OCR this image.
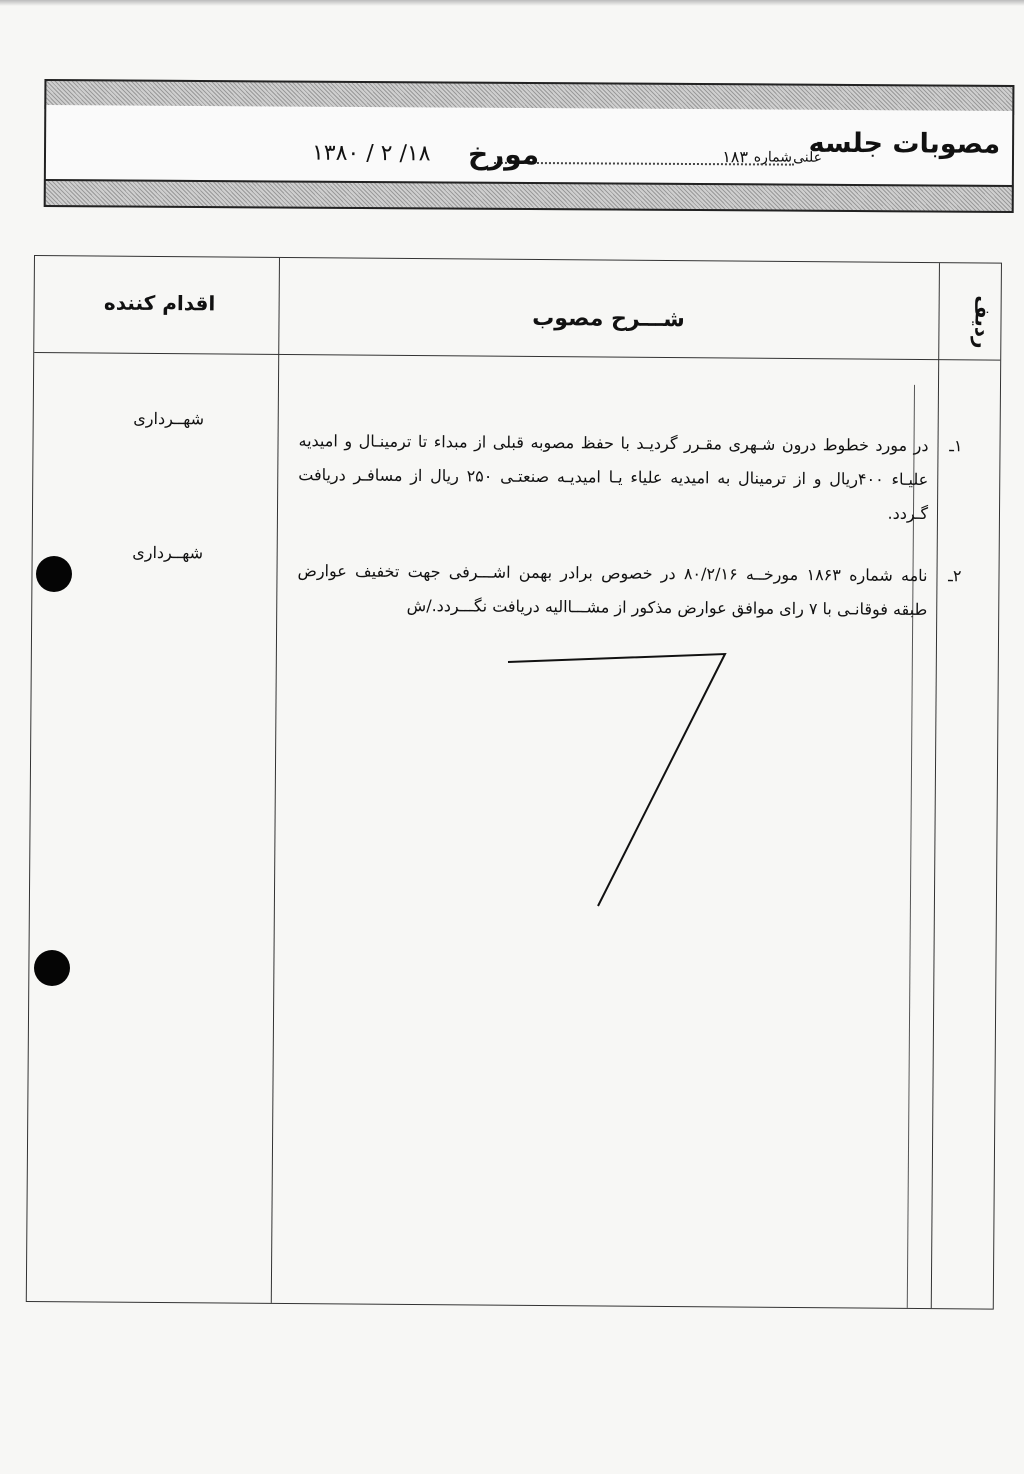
مصوبات جلسه
علنی
شماره
۱۸۳
مورخ
۱۳۸۰ / ۲ /۱۸
اقدام کننده
شـــرح مصوب	ردیف
۱ـ
در مورد خطوط درون شـهری مقـرر گردیـد با حفظ مصوبه قبلی از مبداء تا ترمینـال و امیدیه علیـاء ۴۰۰ریال و از ترمینال به امیدیه علیاء یـا امیدیـه صنعتـی ۲۵۰ ریال از مسافـر دریافت گـردد.
شهــرداری
۲ـ
نامه شماره ۱۸۶۳ مورخــه ۸۰/۲/۱۶ در خصوص برادر بهمن اشـــرفی جهت تخفیف عوارض طبقه فوقانـی با ۷ رای موافق عوارض مذکور از مشـــاالیه دریافت نگـــردد./ش
شهــرداری
